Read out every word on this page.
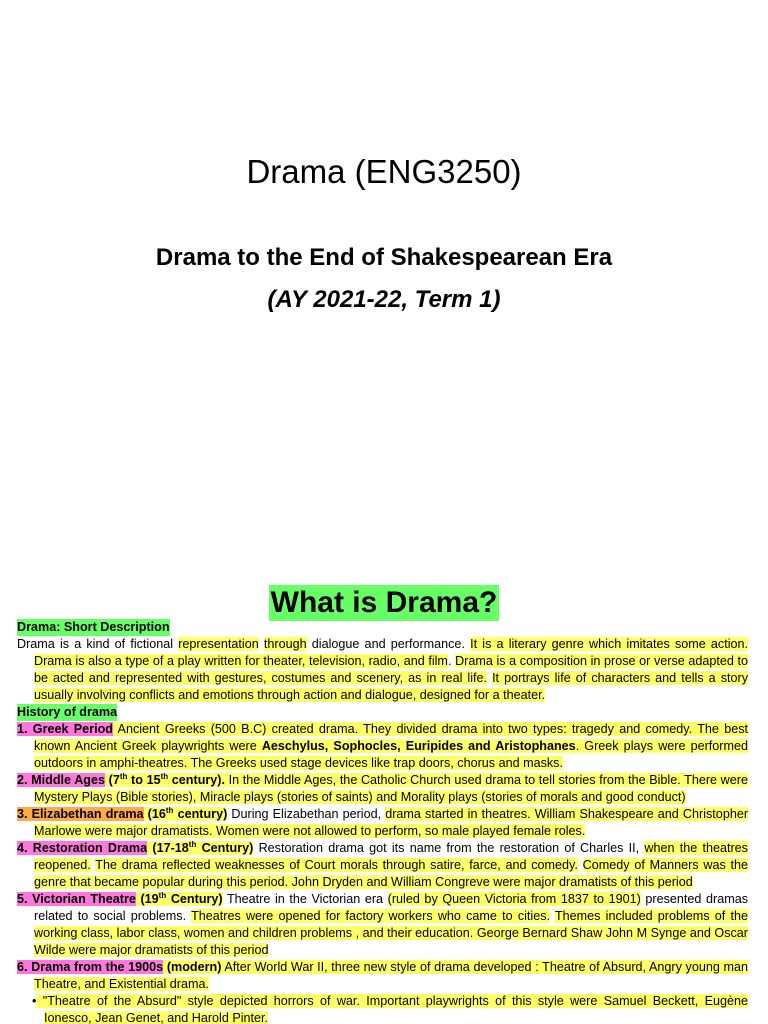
Drama (ENG3250)
Drama to the End of Shakespearean Era
(AY 2021-22, Term 1)
What is Drama?
Drama: Short Description
Drama is a kind of fictional representation through dialogue and performance. It is a literary genre which imitates some action. Drama is also a type of a play written for theater, television, radio, and film. Drama is a composition in prose or verse adapted to be acted and represented with gestures, costumes and scenery, as in real life. It portrays life of characters and tells a story usually involving conflicts and emotions through action and dialogue, designed for a theater.
History of drama
1. Greek Period Ancient Greeks (500 B.C) created drama. They divided drama into two types: tragedy and comedy. The best known Ancient Greek playwrights were Aeschylus, Sophocles, Euripides and Aristophanes. Greek plays were performed outdoors in amphi-theatres. The Greeks used stage devices like trap doors, chorus and masks.
2. Middle Ages (7th to 15th century). In the Middle Ages, the Catholic Church used drama to tell stories from the Bible. There were Mystery Plays (Bible stories), Miracle plays (stories of saints) and Morality plays (stories of morals and good conduct)
3. Elizabethan drama (16th century) During Elizabethan period, drama started in theatres. William Shakespeare and Christopher Marlowe were major dramatists. Women were not allowed to perform, so male played female roles.
4. Restoration Drama (17-18th Century) Restoration drama got its name from the restoration of Charles II, when the theatres reopened. The drama reflected weaknesses of Court morals through satire, farce, and comedy. Comedy of Manners was the genre that became popular during this period. John Dryden and William Congreve were major dramatists of this period
5. Victorian Theatre (19th Century) Theatre in the Victorian era (ruled by Queen Victoria from 1837 to 1901) presented dramas related to social problems. Theatres were opened for factory workers who came to cities. Themes included problems of the working class, labor class, women and children problems , and their education. George Bernard Shaw John M Synge and Oscar Wilde were major dramatists of this period
6. Drama from the 1900s (modern) After World War II, three new style of drama developed : Theatre of Absurd, Angry young man Theatre, and Existential drama.
• "Theatre of the Absurd" style depicted horrors of war. Important playwrights of this style were Samuel Beckett, Eugène Ionesco, Jean Genet, and Harold Pinter.
